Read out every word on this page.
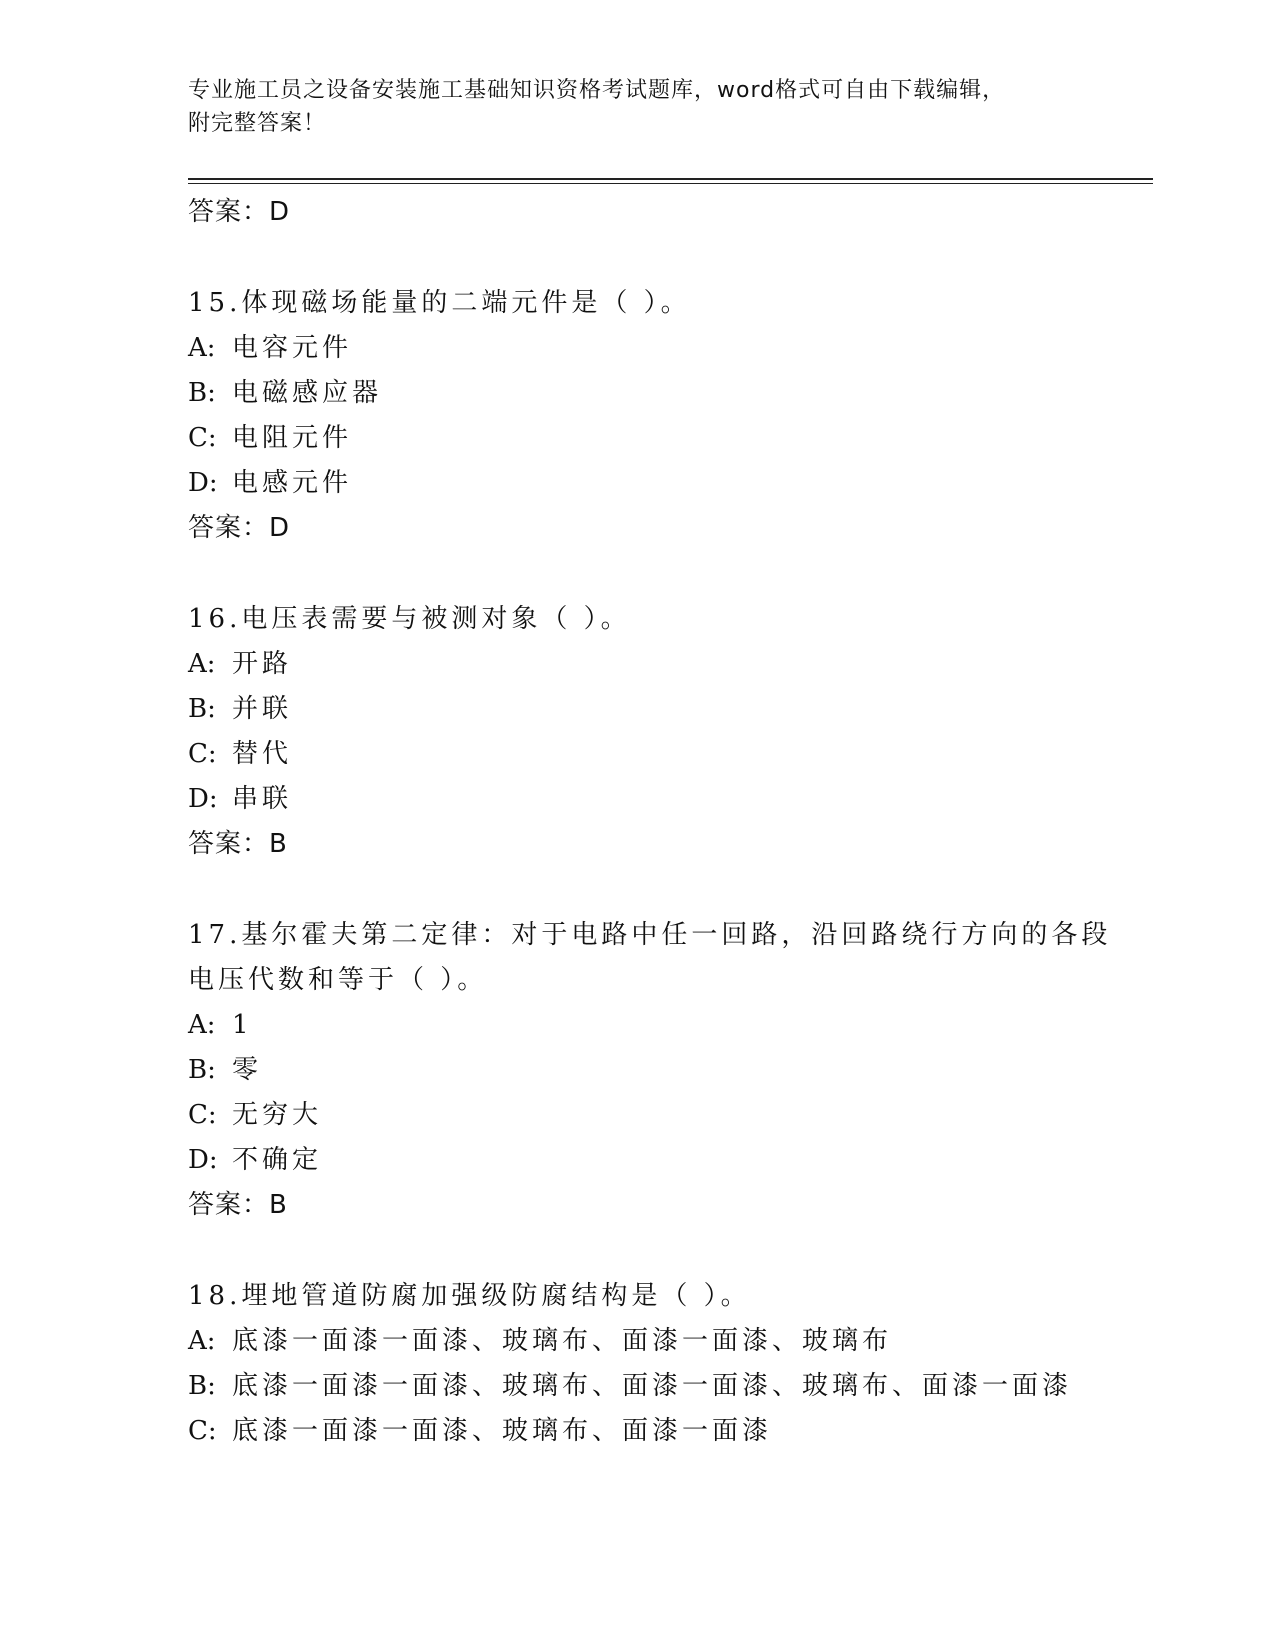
专业施工员之设备安装施工基础知识资格考试题库，word格式可自由下载编辑，
附完整答案！
答案：D
15.体现磁场能量的二端元件是（ ）。
A: 电容元件
B: 电磁感应器
C: 电阻元件
D: 电感元件
答案：D
16.电压表需要与被测对象（ ）。
A: 开路
B: 并联
C: 替代
D: 串联
答案：B
17.基尔霍夫第二定律：对于电路中任一回路，沿回路绕行方向的各段
电压代数和等于（ ）。
A: 1
B: 零
C: 无穷大
D: 不确定
答案：B
18.埋地管道防腐加强级防腐结构是（ ）。
A: 底漆一面漆一面漆、玻璃布、面漆一面漆、玻璃布
B: 底漆一面漆一面漆、玻璃布、面漆一面漆、玻璃布、面漆一面漆
C: 底漆一面漆一面漆、玻璃布、面漆一面漆
